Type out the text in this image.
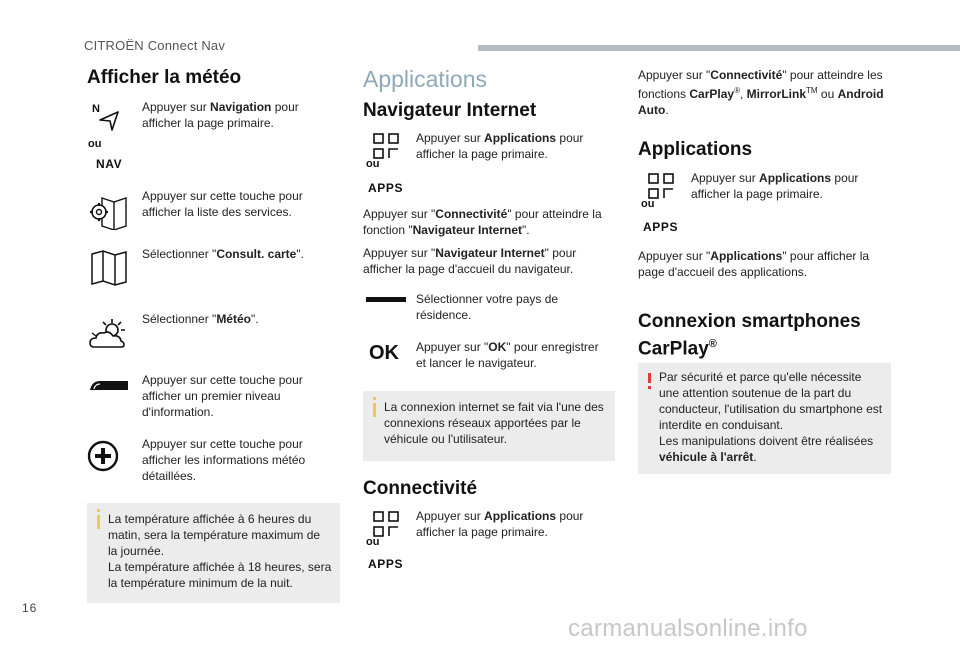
CITROËN Connect Nav
Afficher la météo
N
ou
NAV
Appuyer sur Navigation pour afficher la page primaire.
Appuyer sur cette touche pour afficher la liste des services.
Sélectionner "Consult. carte".
Sélectionner "Météo".
Appuyer sur cette touche pour afficher un premier niveau d'information.
Appuyer sur cette touche pour afficher les informations météo détaillées.
La température affichée à 6 heures du
matin, sera la température maximum de
la journée.
La température affichée à 18 heures, sera
la température minimum de la nuit.
Applications
Navigateur Internet
ou
APPS
Appuyer sur Applications pour afficher la page primaire.
Appuyer sur "Connectivité" pour atteindre la fonction "Navigateur Internet".
Appuyer sur "Navigateur Internet" pour afficher la page d'accueil du navigateur.
Sélectionner votre pays de résidence.
OK Appuyer sur "OK" pour enregistrer et lancer le navigateur.
La connexion internet se fait via l'une des
connexions réseaux apportées par le
véhicule ou l'utilisateur.
Connectivité
ou
APPS
Appuyer sur Applications pour afficher la page primaire.
Appuyer sur "Connectivité" pour atteindre les fonctions CarPlay®, MirrorLink™ ou Android Auto.
Applications
ou
APPS
Appuyer sur Applications pour afficher la page primaire.
Appuyer sur "Applications" pour afficher la page d'accueil des applications.
Connexion smartphones
CarPlay®
Par sécurité et parce qu'elle nécessite
une attention soutenue de la part du
conducteur, l'utilisation du smartphone est
interdite en conduisant.
Les manipulations doivent être réalisées
véhicule à l'arrêt.
16
carmanualsonline.info
